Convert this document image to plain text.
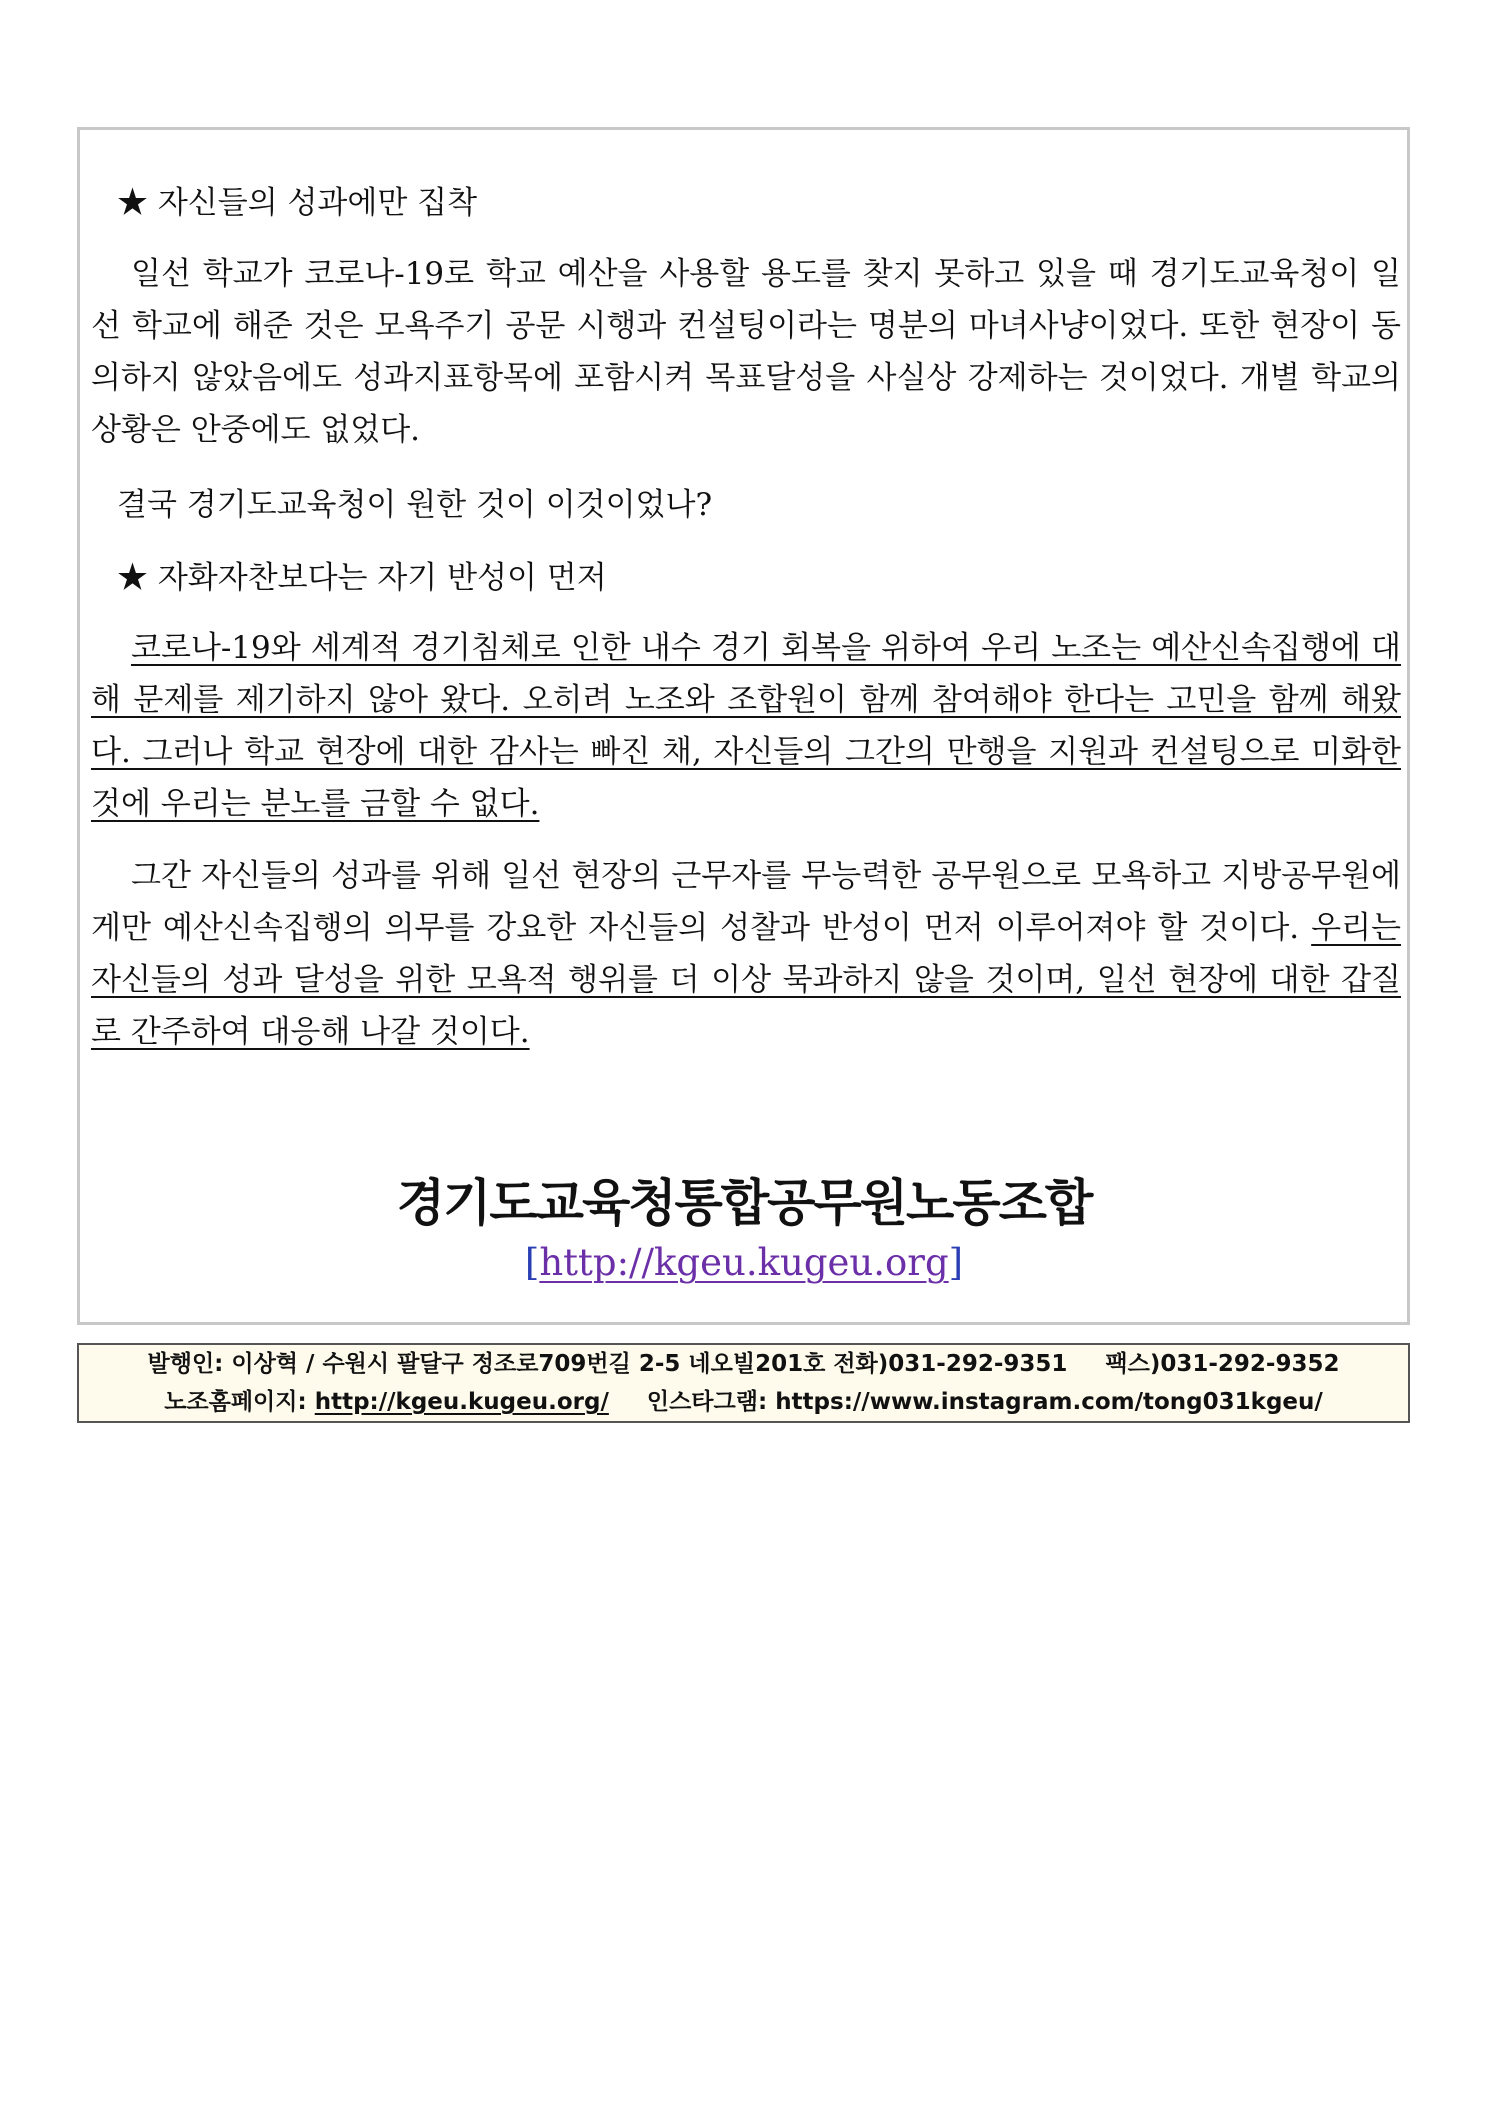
★ 자신들의 성과에만 집착
일선 학교가 코로나-19로 학교 예산을 사용할 용도를 찾지 못하고 있을 때 경기도교육청이 일선 학교에 해준 것은 모욕주기 공문 시행과 컨설팅이라는 명분의 마녀사냥이었다. 또한 현장이 동의하지 않았음에도 성과지표항목에 포함시켜 목표달성을 사실상 강제하는 것이었다. 개별 학교의 상황은 안중에도 없었다.
결국 경기도교육청이 원한 것이 이것이었나?
★ 자화자찬보다는 자기 반성이 먼저
코로나-19와 세계적 경기침체로 인한 내수 경기 회복을 위하여 우리 노조는 예산신속집행에 대해 문제를 제기하지 않아 왔다. 오히려 노조와 조합원이 함께 참여해야 한다는 고민을 함께 해왔다. 그러나 학교 현장에 대한 감사는 빠진 채, 자신들의 그간의 만행을 지원과 컨설팅으로 미화한 것에 우리는 분노를 금할 수 없다.
그간 자신들의 성과를 위해 일선 현장의 근무자를 무능력한 공무원으로 모욕하고 지방공무원에게만 예산신속집행의 의무를 강요한 자신들의 성찰과 반성이 먼저 이루어져야 할 것이다. 우리는 자신들의 성과 달성을 위한 모욕적 행위를 더 이상 묵과하지 않을 것이며, 일선 현장에 대한 갑질로 간주하여 대응해 나갈 것이다.
경기도교육청통합공무원노동조합
[http://kgeu.kugeu.org]
발행인: 이상혁 / 수원시 팔달구 정조로709번길 2-5 네오빌201호 전화)031-292-9351 팩스)031-292-9352
노조홈페이지: http://kgeu.kugeu.org/ 인스타그램: https://www.instagram.com/tong031kgeu/
